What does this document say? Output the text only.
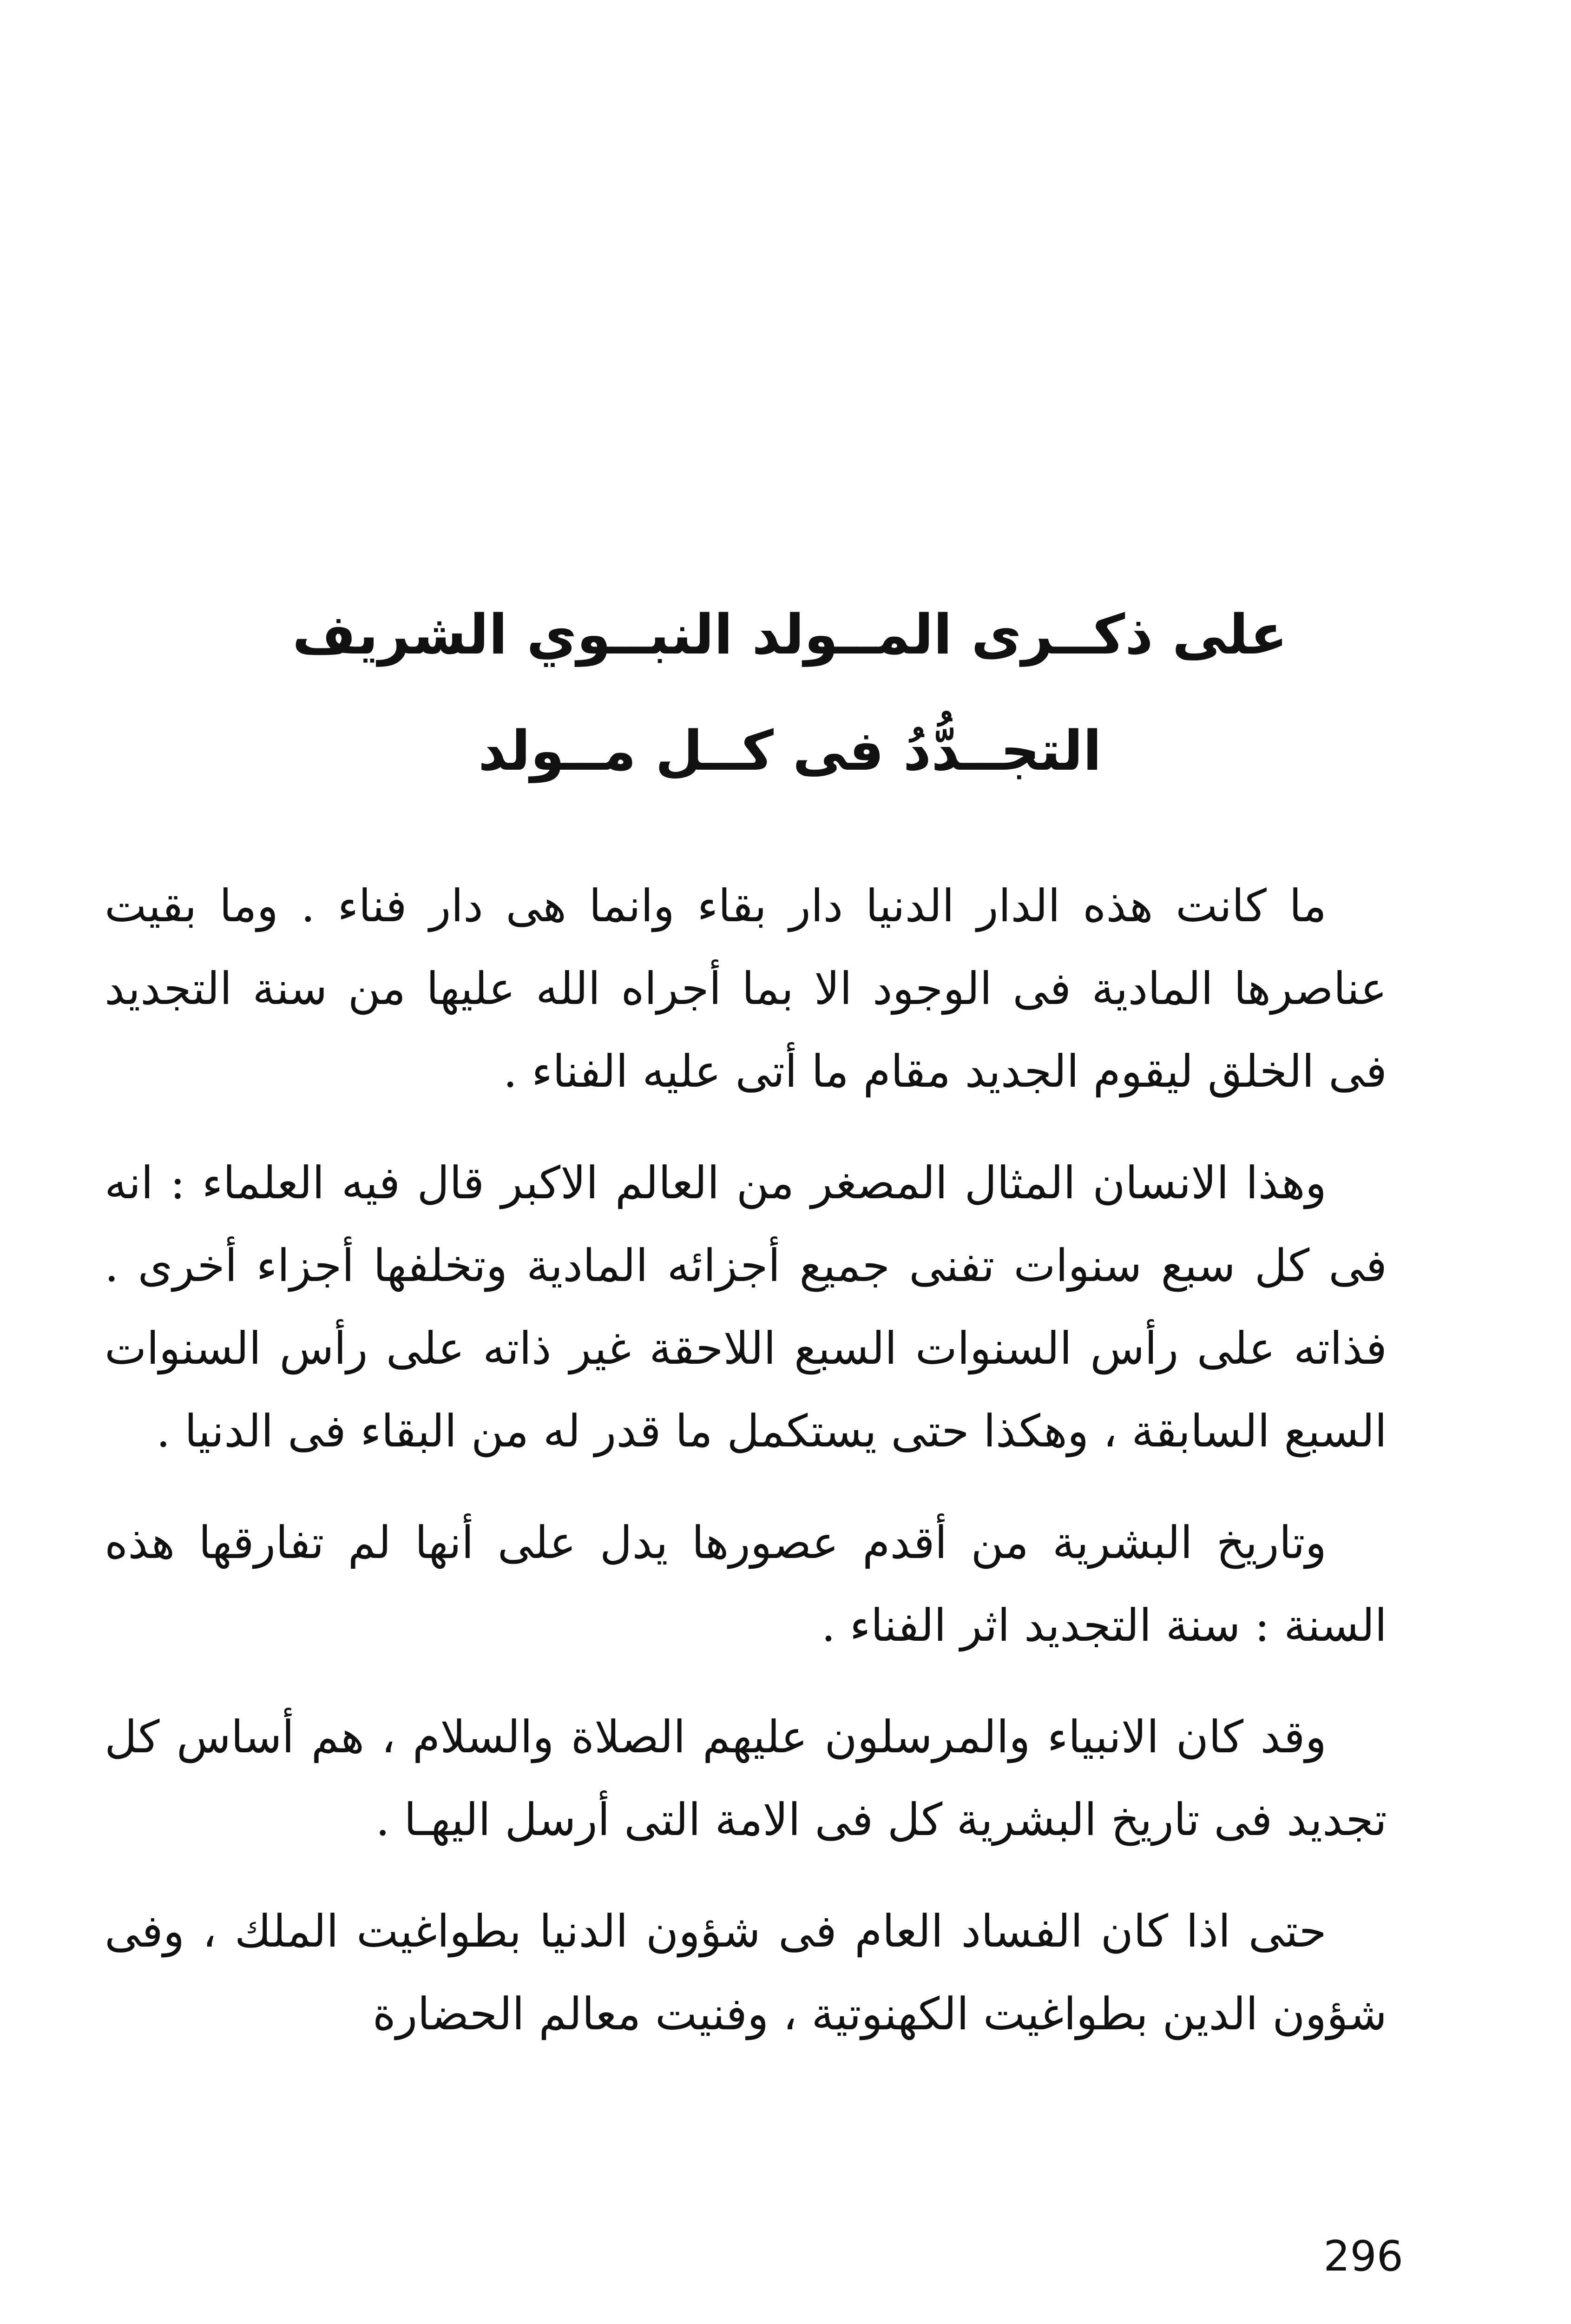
على ذكــرى المــولد النبــوي الشريف
التجــدُّدُ فى كــل مــولد

ما كانت هذه الدار الدنيا دار بقاء وانما هى دار فناء . وما بقيت عناصرها المادية فى الوجود الا بما أجراه الله عليها من سنة التجديد فى الخلق ليقوم الجديد مقام ما أتى عليه الفناء .

وهذا الانسان المثال المصغر من العالم الاكبر قال فيه العلماء : انه فى كل سبع سنوات تفنى جميع أجزائه المادية وتخلفها أجزاء أخرى . فذاته على رأس السنوات السبع اللاحقة غير ذاته على رأس السنوات السبع السابقة ، وهكذا حتى يستكمل ما قدر له من البقاء فى الدنيا .

وتاريخ البشرية من أقدم عصورها يدل على أنها لم تفارقها هذه السنة : سنة التجديد اثر الفناء .

وقد كان الانبياء والمرسلون عليهم الصلاة والسلام ، هم أساس كل تجديد فى تاريخ البشرية كل فى الامة التى أرسل اليهـا .

حتى اذا كان الفساد العام فى شؤون الدنيا بطواغيت الملك ، وفى شؤون الدين بطواغيت الكهنوتية ، وفنيت معالم الحضارة

296
